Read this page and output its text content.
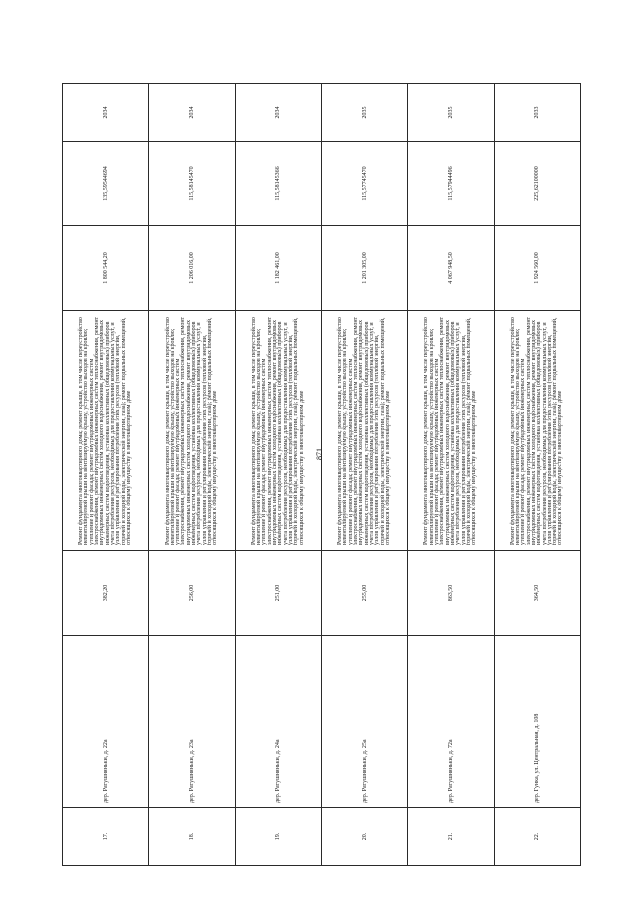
871
17.	дер. Ратушняньки, д. 22а	382,20	Ремонт фундамента многоквартирного дома; ремонт крыши, в том числе переустройство невентилируемой крыши на вентилируемую крышу, устройство выходов на кровлю; утепление и ремонт фасада; ремонт внутридомовых инженерных систем электроснабжения, ремонт внутридомовых инженерных систем теплоснабжения, ремонт внутридомовых инженерных систем холодного водоснабжения, ремонт внутридомовых инженерных систем водоотведения, установка коллективных (общедомовых) приборов учета потребления ресурсов, необходимых для предоставления коммунальных услуг, и узлов управления и регулирования потребления этих ресурсов (тепловой энергии, горячей и холодной воды, электрической энергии, газа); ремонт подвальных помещений, относящихся к общему имуществу в многоквартирном доме	1 800 544,20	135,59544694	2034
18.	дер. Ратушняньки, д. 23а	256,00	Ремонт фундамента многоквартирного дома; ремонт крыши, в том числе переустройство невентилируемой крыши на вентилируемую крышу, устройство выходов на кровлю; утепление и ремонт фасада; ремонт внутридомовых инженерных систем электроснабжения, ремонт внутридомовых инженерных систем теплоснабжения, ремонт внутридомовых инженерных систем холодного водоснабжения, ремонт внутридомовых инженерных систем водоотведения, установка коллективных (общедомовых) приборов учета потребления ресурсов, необходимых для предоставления коммунальных услуг, и узлов управления и регулирования потребления этих ресурсов (тепловой энергии, горячей и холодной воды, электрической энергии, газа); ремонт подвальных помещений, относящихся к общему имуществу в многоквартирном доме	1 206 016,00	115,58145470	2034
19.	дер. Ратушняньки, д. 24а	251,00	Ремонт фундамента многоквартирного дома; ремонт крыши, в том числе переустройство невентилируемой крыши на вентилируемую крышу, устройство выходов на кровлю; утепление и ремонт фасада; ремонт внутридомовых инженерных систем электроснабжения, ремонт внутридомовых инженерных систем теплоснабжения, ремонт внутридомовых инженерных систем холодного водоснабжения, ремонт внутридомовых инженерных систем водоотведения, установка коллективных (общедомовых) приборов учета потребления ресурсов, необходимых для предоставления коммунальных услуг, и узлов управления и регулирования потребления этих ресурсов (тепловой энергии, горячей и холодной воды, электрической энергии, газа); ремонт подвальных помещений, относящихся к общему имуществу в многоквартирном доме	1 182 461,00	115,58145366	2034
20.	дер. Ратушняньки, д. 25а	255,00	Ремонт фундамента многоквартирного дома; ремонт крыши, в том числе переустройство невентилируемой крыши на вентилируемую крышу, устройство выходов на кровлю; утепление и ремонт фасада; ремонт внутридомовых инженерных систем электроснабжения, ремонт внутридомовых инженерных систем теплоснабжения, ремонт внутридомовых инженерных систем холодного водоснабжения, ремонт внутридомовых инженерных систем водоотведения, установка коллективных (общедомовых) приборов учета потребления ресурсов, необходимых для предоставления коммунальных услуг, и узлов управления и регулирования потребления этих ресурсов (тепловой энергии, горячей и холодной воды, электрической энергии, газа); ремонт подвальных помещений, относящихся к общему имуществу в многоквартирном доме	1 201 305,00	115,57745470	2035
21.	дер. Ратушняньки, д. 72а	863,50	Ремонт фундамента многоквартирного дома; ремонт крыши, в том числе переустройство невентилируемой крыши на вентилируемую крышу, устройство выходов на кровлю; утепление и ремонт фасада; ремонт внутридомовых инженерных систем электроснабжения, ремонт внутридомовых инженерных систем теплоснабжения, ремонт внутридомовых инженерных систем холодного водоснабжения, ремонт внутридомовых инженерных систем водоотведения, установка коллективных (общедомовых) приборов учета потребления ресурсов, необходимых для предоставления коммунальных услуг, и узлов управления и регулирования потребления этих ресурсов (тепловой энергии, горячей и холодной воды, электрической энергии, газа); ремонт подвальных помещений, относящихся к общему имуществу в многоквартирном доме	4 067 948,50	115,57944496	2035
22.	дер. Гунка, ул. Центральная, д. 108	364,50	Ремонт фундамента многоквартирного дома; ремонт крыши, в том числе переустройство невентилируемой крыши на вентилируемую крышу, устройство выходов на кровлю; утепление и ремонт фасада; ремонт внутридомовых инженерных систем электроснабжения, ремонт внутридомовых инженерных систем теплоснабжения, ремонт внутридомовых инженерных систем холодного водоснабжения, ремонт внутридомовых инженерных систем водоотведения, установка коллективных (общедомовых) приборов учета потребления ресурсов, необходимых для предоставления коммунальных услуг, и узлов управления и регулирования потребления этих ресурсов (тепловой энергии, горячей и холодной воды, электрической энергии, газа); ремонт подвальных помещений, относящихся к общему имуществу в многоквартирном доме	1 924 560,00	225,62100000	2033
